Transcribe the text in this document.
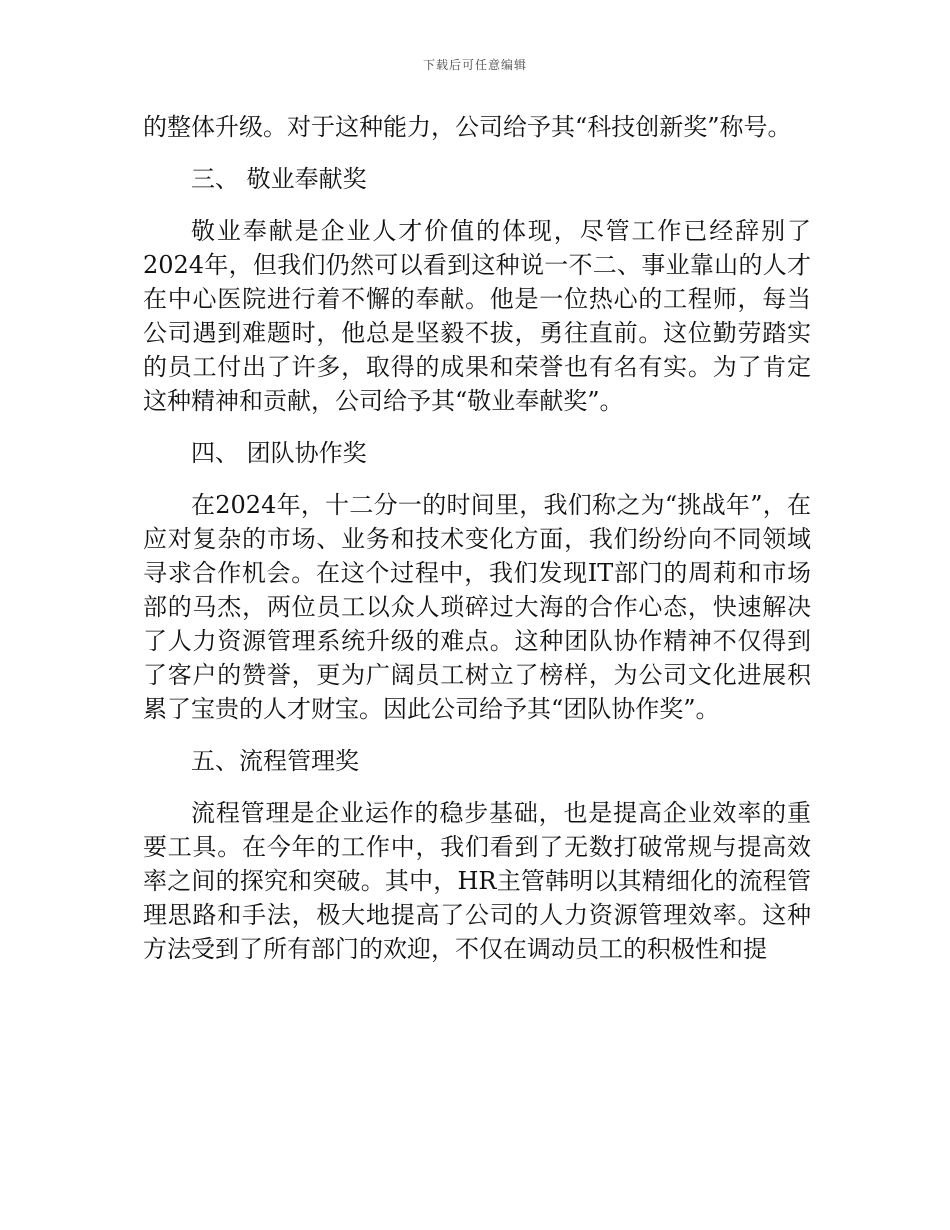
下载后可任意编辑

的整体升级。对于这种能力，公司给予其“科技创新奖”称号。

三、 敬业奉献奖

敬业奉献是企业人才价值的体现，尽管工作已经辞别了2024年，但我们仍然可以看到这种说一不二、事业靠山的人才在中心医院进行着不懈的奉献。他是一位热心的工程师，每当公司遇到难题时，他总是坚毅不拔，勇往直前。这位勤劳踏实的员工付出了许多，取得的成果和荣誉也有名有实。为了肯定这种精神和贡献，公司给予其“敬业奉献奖”。

四、 团队协作奖

在2024年，十二分一的时间里，我们称之为“挑战年”，在应对复杂的市场、业务和技术变化方面，我们纷纷向不同领域寻求合作机会。在这个过程中，我们发现IT部门的周莉和市场部的马杰，两位员工以众人琐碎过大海的合作心态，快速解决了人力资源管理系统升级的难点。这种团队协作精神不仅得到了客户的赞誉，更为广阔员工树立了榜样，为公司文化进展积累了宝贵的人才财宝。因此公司给予其“团队协作奖”。

五、流程管理奖

流程管理是企业运作的稳步基础，也是提高企业效率的重要工具。在今年的工作中，我们看到了无数打破常规与提高效率之间的探究和突破。其中，HR主管韩明以其精细化的流程管理思路和手法，极大地提高了公司的人力资源管理效率。这种方法受到了所有部门的欢迎，不仅在调动员工的积极性和提
